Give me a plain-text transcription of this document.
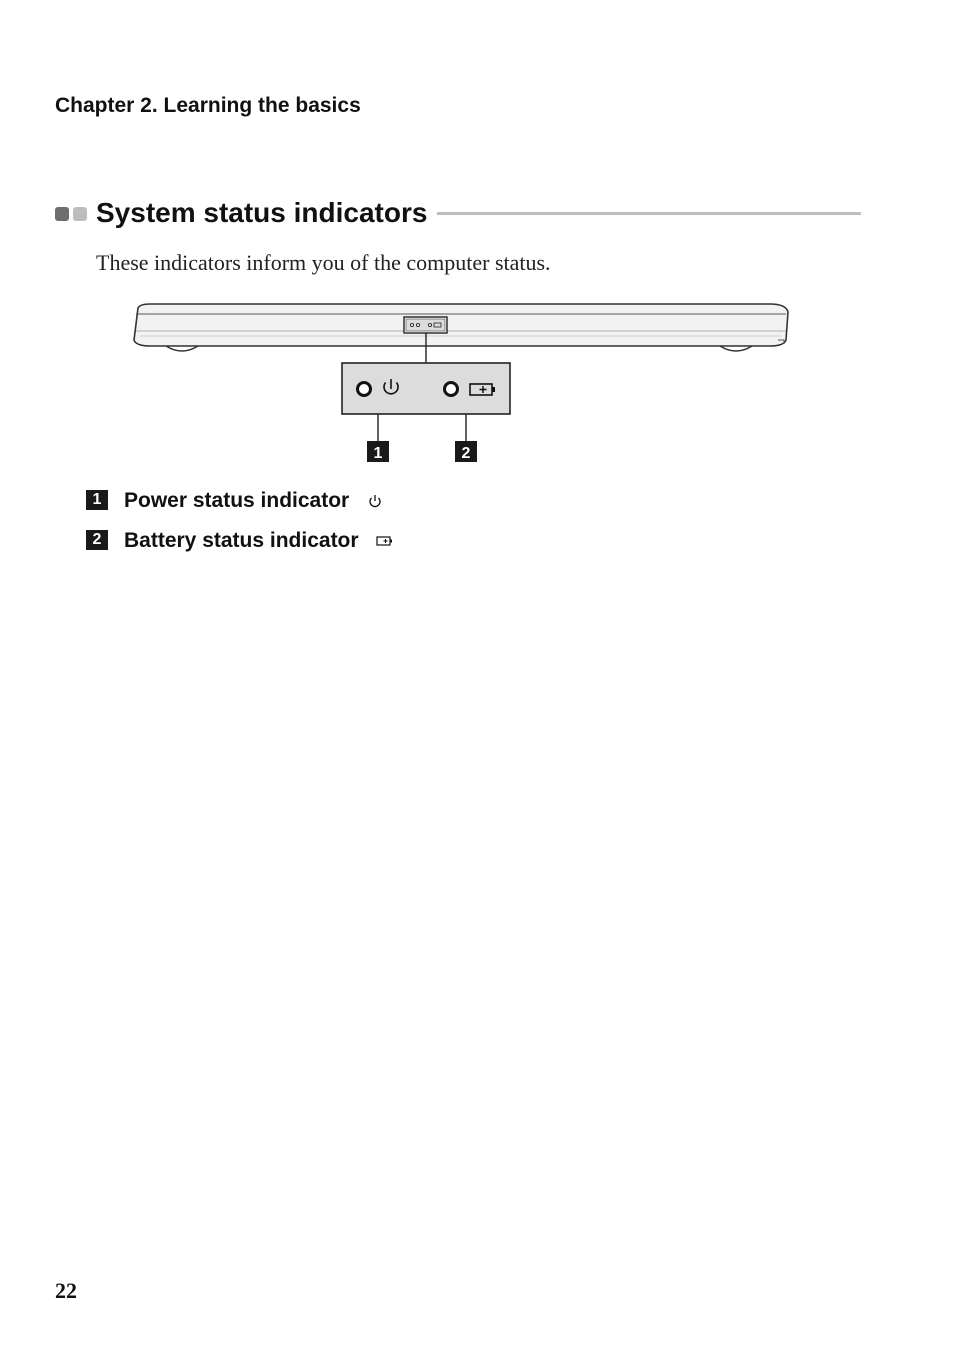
Chapter 2. Learning the basics
System status indicators
These indicators inform you of the computer status.
1	2
1	Power status indicator
2	Battery status indicator
22
